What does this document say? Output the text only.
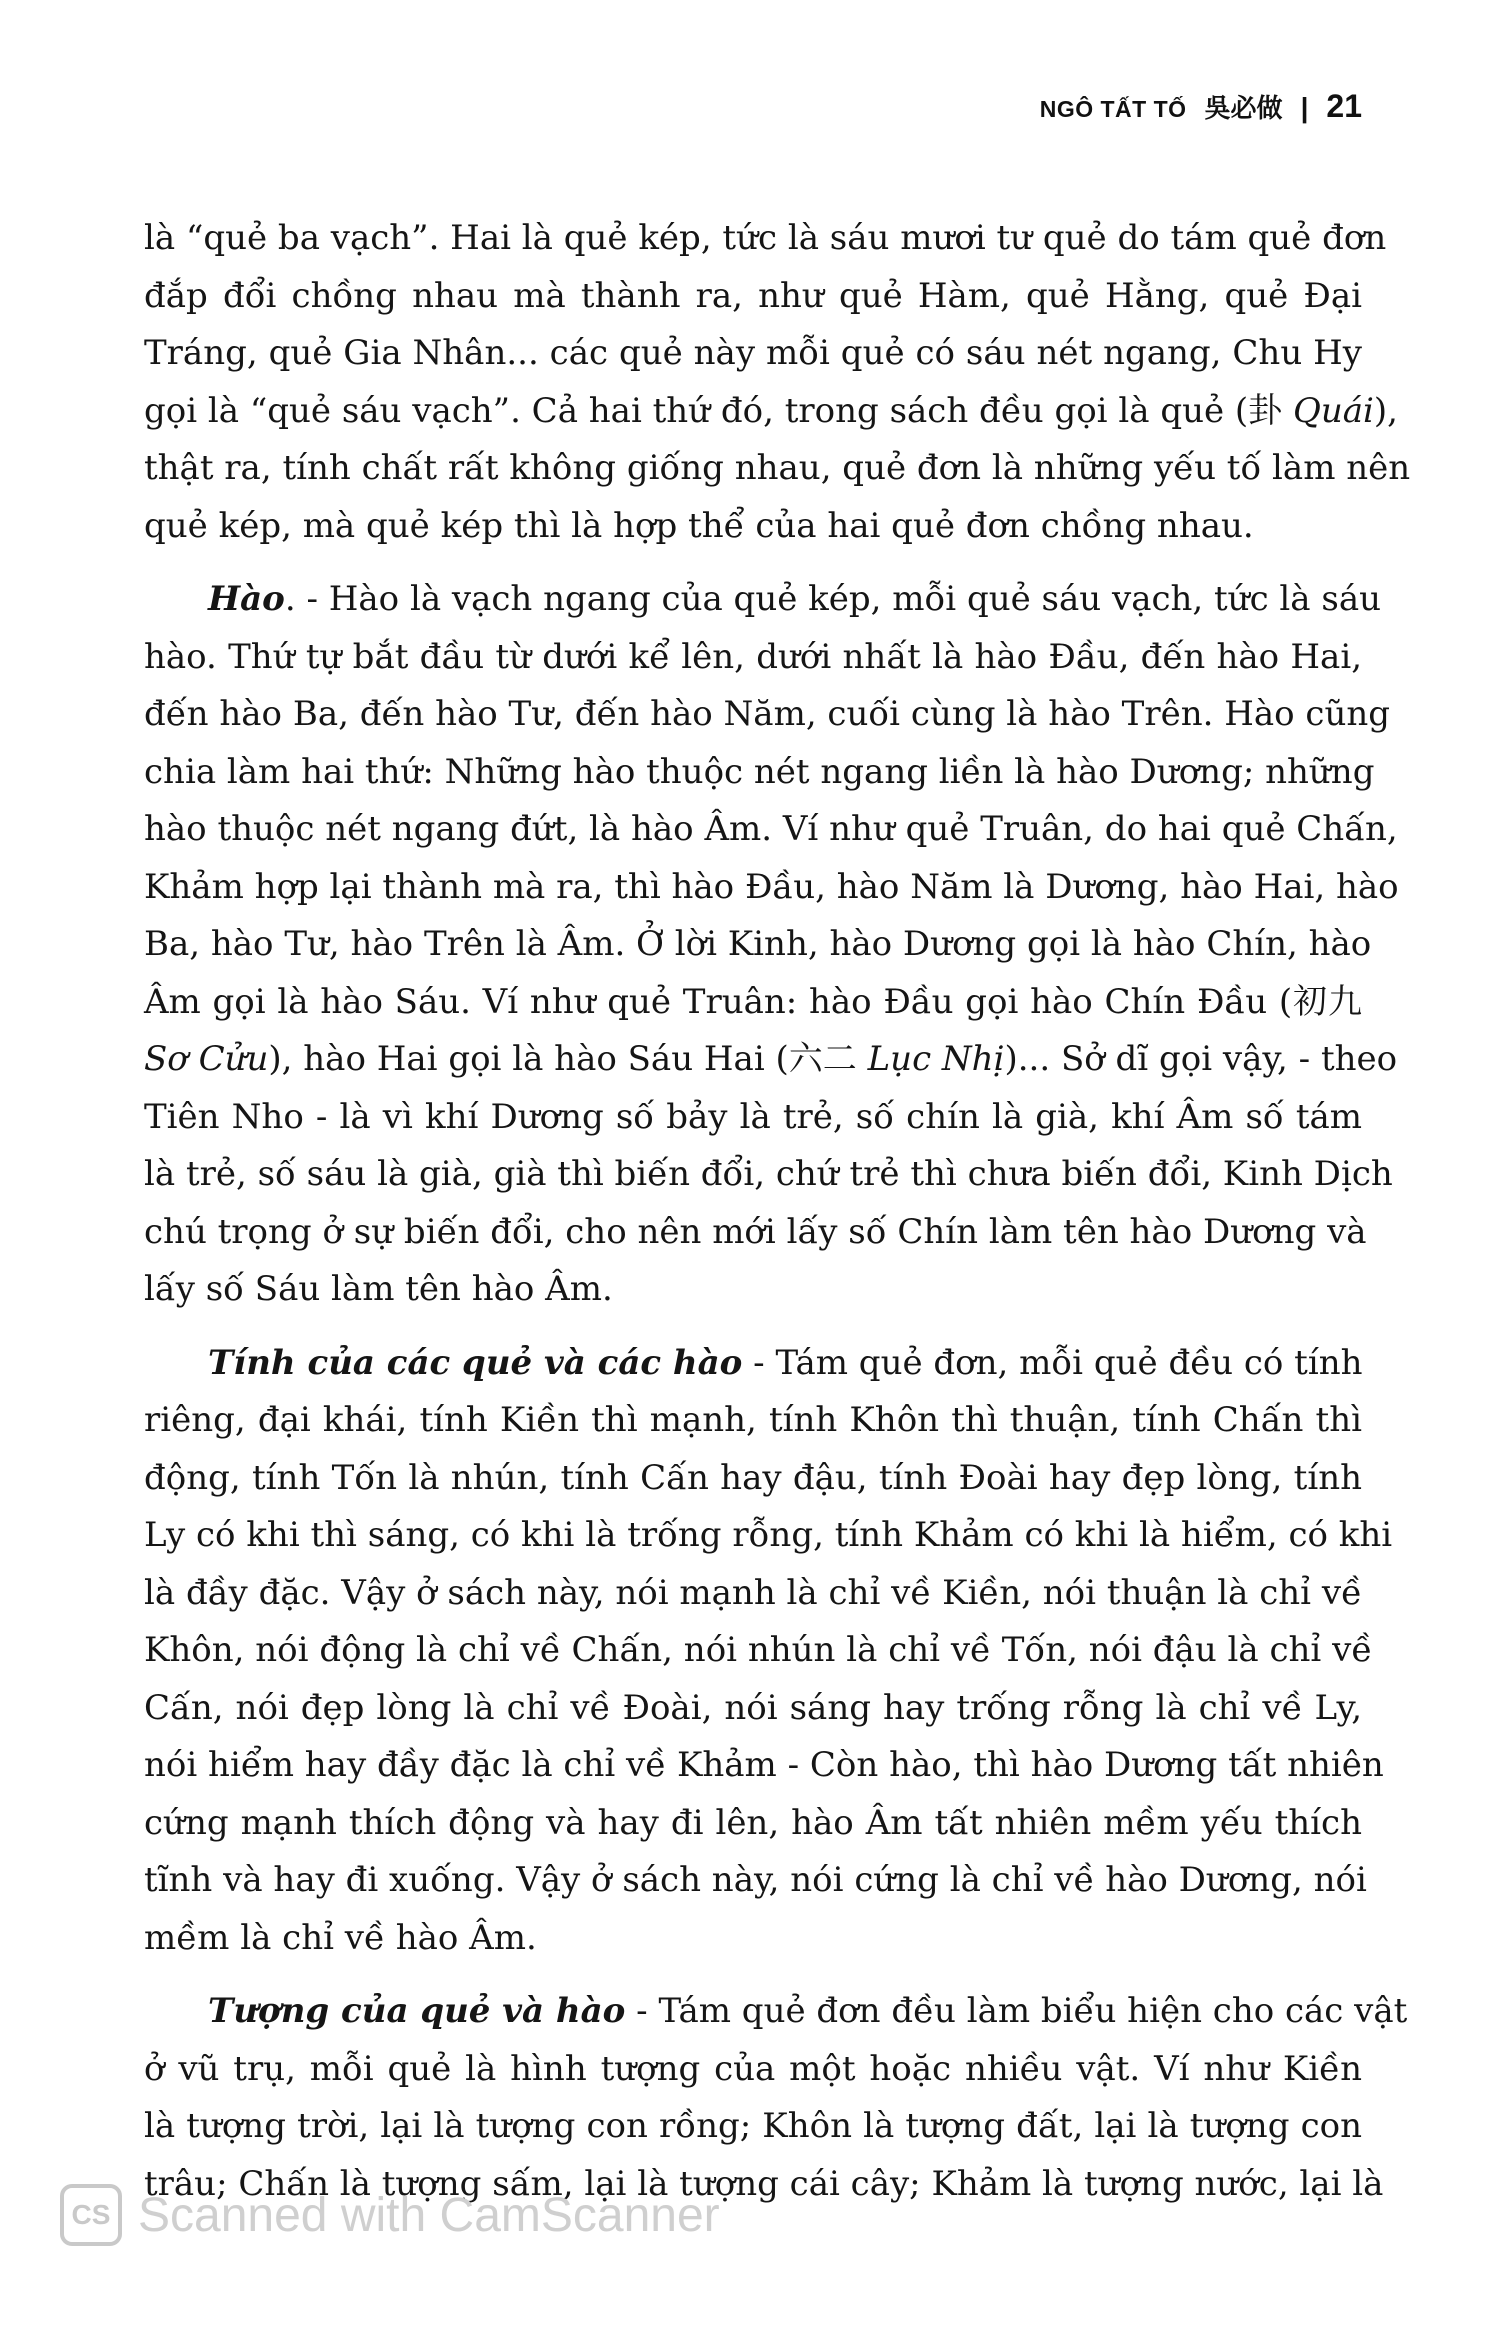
NGÔ TẤT TỐ 吳必做 | 21
là “quẻ ba vạch”. Hai là quẻ kép, tức là sáu mươi tư quẻ do tám quẻ đơn
đắp đổi chồng nhau mà thành ra, như quẻ Hàm, quẻ Hằng, quẻ Đại
Tráng, quẻ Gia Nhân... các quẻ này mỗi quẻ có sáu nét ngang, Chu Hy
gọi là “quẻ sáu vạch”. Cả hai thứ đó, trong sách đều gọi là quẻ (卦 Quái),
thật ra, tính chất rất không giống nhau, quẻ đơn là những yếu tố làm nên
quẻ kép, mà quẻ kép thì là hợp thể của hai quẻ đơn chồng nhau.
Hào. - Hào là vạch ngang của quẻ kép, mỗi quẻ sáu vạch, tức là sáu
hào. Thứ tự bắt đầu từ dưới kể lên, dưới nhất là hào Đầu, đến hào Hai,
đến hào Ba, đến hào Tư, đến hào Năm, cuối cùng là hào Trên. Hào cũng
chia làm hai thứ: Những hào thuộc nét ngang liền là hào Dương; những
hào thuộc nét ngang đứt, là hào Âm. Ví như quẻ Truân, do hai quẻ Chấn,
Khảm hợp lại thành mà ra, thì hào Đầu, hào Năm là Dương, hào Hai, hào
Ba, hào Tư, hào Trên là Âm. Ở lời Kinh, hào Dương gọi là hào Chín, hào
Âm gọi là hào Sáu. Ví như quẻ Truân: hào Đầu gọi hào Chín Đầu (初九
Sơ Cửu), hào Hai gọi là hào Sáu Hai (六二 Lục Nhị)... Sở dĩ gọi vậy, - theo
Tiên Nho - là vì khí Dương số bảy là trẻ, số chín là già, khí Âm số tám
là trẻ, số sáu là già, già thì biến đổi, chứ trẻ thì chưa biến đổi, Kinh Dịch
chú trọng ở sự biến đổi, cho nên mới lấy số Chín làm tên hào Dương và
lấy số Sáu làm tên hào Âm.
Tính của các quẻ và các hào - Tám quẻ đơn, mỗi quẻ đều có tính
riêng, đại khái, tính Kiền thì mạnh, tính Khôn thì thuận, tính Chấn thì
động, tính Tốn là nhún, tính Cấn hay đậu, tính Đoài hay đẹp lòng, tính
Ly có khi thì sáng, có khi là trống rỗng, tính Khảm có khi là hiểm, có khi
là đầy đặc. Vậy ở sách này, nói mạnh là chỉ về Kiền, nói thuận là chỉ về
Khôn, nói động là chỉ về Chấn, nói nhún là chỉ về Tốn, nói đậu là chỉ về
Cấn, nói đẹp lòng là chỉ về Đoài, nói sáng hay trống rỗng là chỉ về Ly,
nói hiểm hay đầy đặc là chỉ về Khảm - Còn hào, thì hào Dương tất nhiên
cứng mạnh thích động và hay đi lên, hào Âm tất nhiên mềm yếu thích
tĩnh và hay đi xuống. Vậy ở sách này, nói cứng là chỉ về hào Dương, nói
mềm là chỉ về hào Âm.
Tượng của quẻ và hào - Tám quẻ đơn đều làm biểu hiện cho các vật
ở vũ trụ, mỗi quẻ là hình tượng của một hoặc nhiều vật. Ví như Kiền
là tượng trời, lại là tượng con rồng; Khôn là tượng đất, lại là tượng con
trâu; Chấn là tượng sấm, lại là tượng cái cây; Khảm là tượng nước, lại là
CS Scanned with CamScanner
